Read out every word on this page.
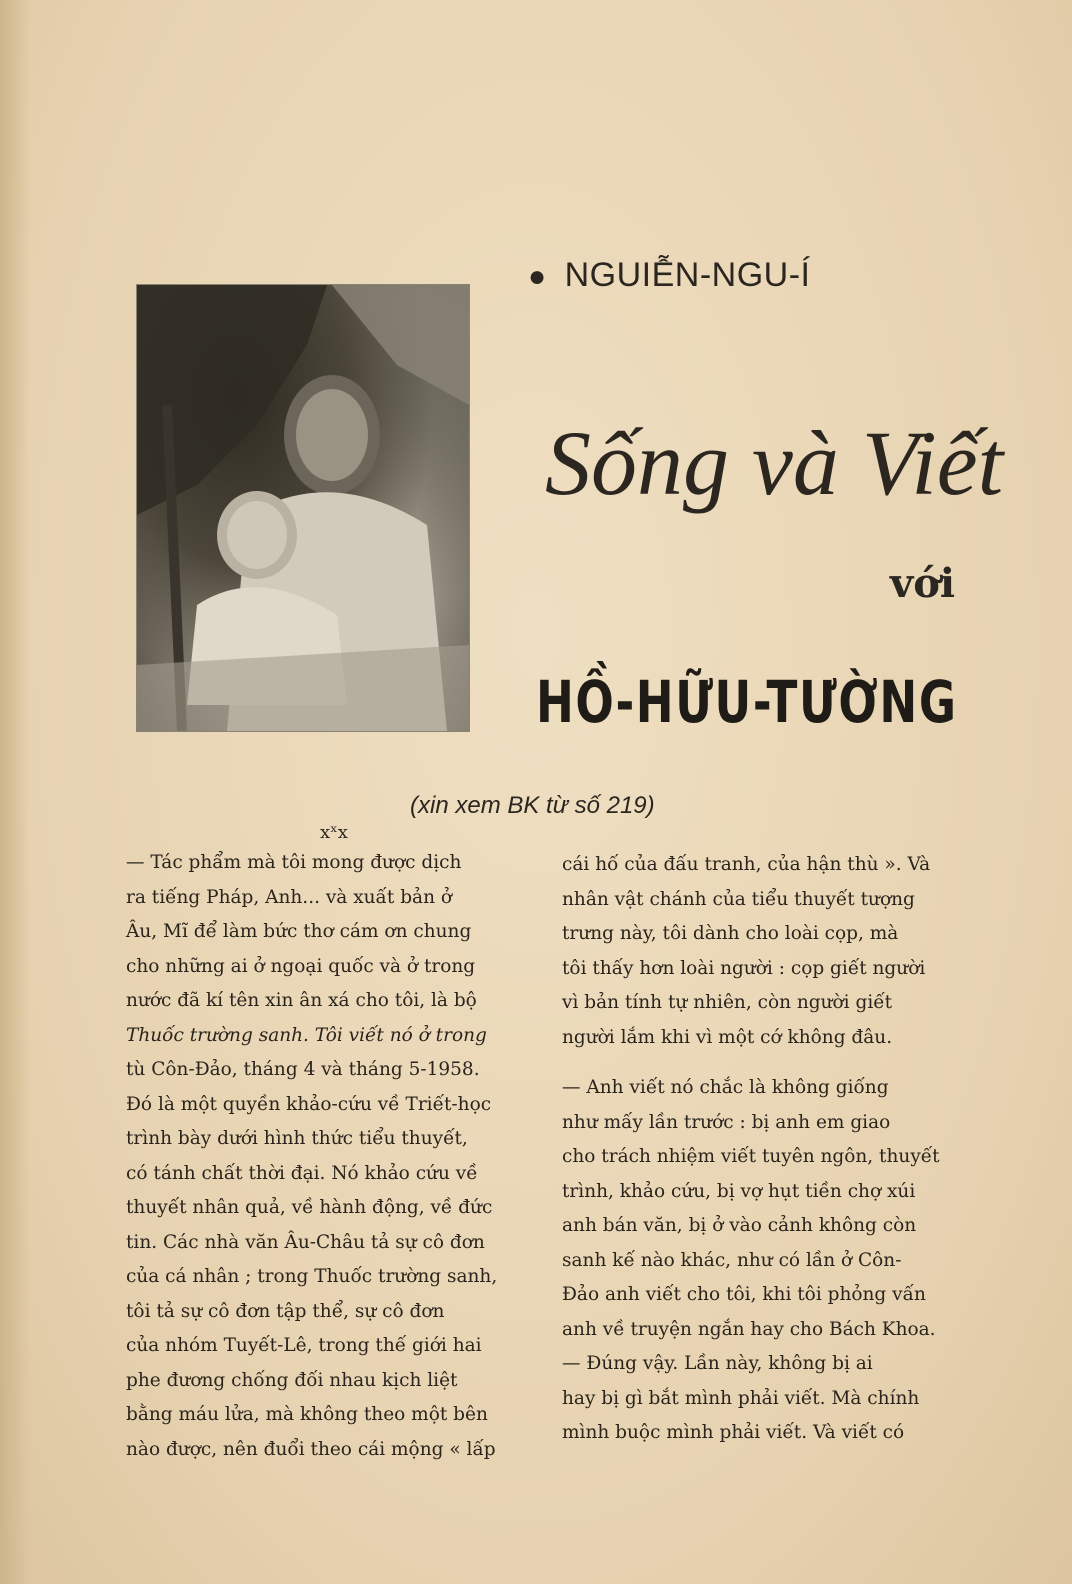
● NGUIỄN-NGU-Í
Sống và Viết
với
HỒ-HỮU-TƯỜNG
(xin xem BK từ số 219)
xˣx

— Tác phẩm mà tôi mong được dịch

ra tiếng Pháp, Anh... và xuất bản ở

Âu, Mĩ để làm bức thơ cám ơn chung

cho những ai ở ngoại quốc và ở trong

nước đã kí tên xin ân xá cho tôi, là bộ

Thuốc trường sanh. Tôi viết nó ở trong

tù Côn-Đảo, tháng 4 và tháng 5-1958.

Đó là một quyền khảo-cứu về Triết-học

trình bày dưới hình thức tiểu thuyết,

có tánh chất thời đại. Nó khảo cứu về

thuyết nhân quả, về hành động, về đức

tin. Các nhà văn Âu-Châu tả sự cô đơn

của cá nhân ; trong Thuốc trường sanh,

tôi tả sự cô đơn tập thể, sự cô đơn

của nhóm Tuyết-Lê, trong thế giới hai

phe đương chống đối nhau kịch liệt

bằng máu lửa, mà không theo một bên

nào được, nên đuổi theo cái mộng « lấp

cái hố của đấu tranh, của hận thù ». Và

nhân vật chánh của tiểu thuyết tượng

trưng này, tôi dành cho loài cọp, mà

tôi thấy hơn loài người : cọp giết người

vì bản tính tự nhiên, còn người giết

người lắm khi vì một cớ không đâu.

— Anh viết nó chắc là không giống

như mấy lần trước : bị anh em giao

cho trách nhiệm viết tuyên ngôn, thuyết

trình, khảo cứu, bị vợ hụt tiền chợ xúi

anh bán văn, bị ở vào cảnh không còn

sanh kế nào khác, như có lần ở Côn-

Đảo anh viết cho tôi, khi tôi phỏng vấn

anh về truyện ngắn hay cho Bách Khoa.

— Đúng vậy. Lần này, không bị ai

hay bị gì bắt mình phải viết. Mà chính

mình buộc mình phải viết. Và viết có
